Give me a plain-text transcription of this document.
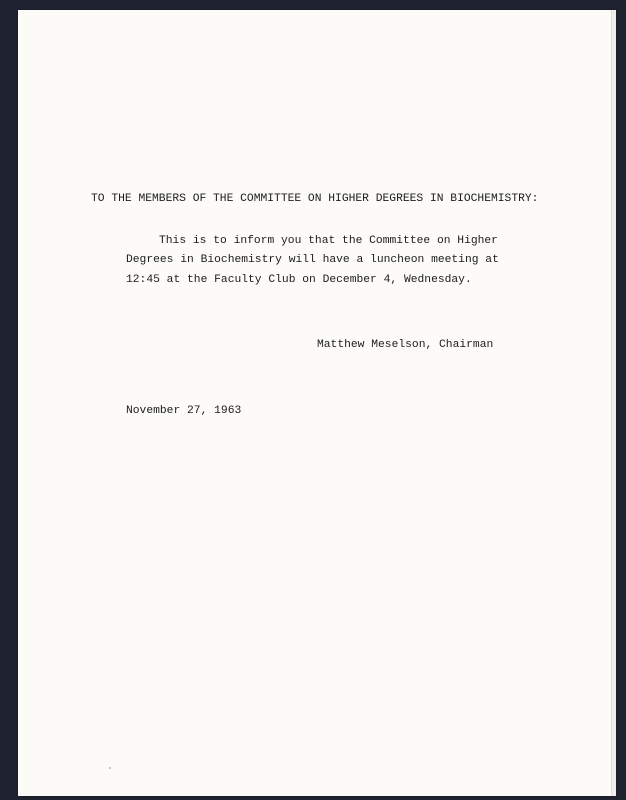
TO THE MEMBERS OF THE COMMITTEE ON HIGHER DEGREES IN BIOCHEMISTRY:
This is to inform you that the Committee on Higher
Degrees in Biochemistry will have a luncheon meeting at
12:45 at the Faculty Club on December 4, Wednesday.
Matthew Meselson, Chairman
November 27, 1963
